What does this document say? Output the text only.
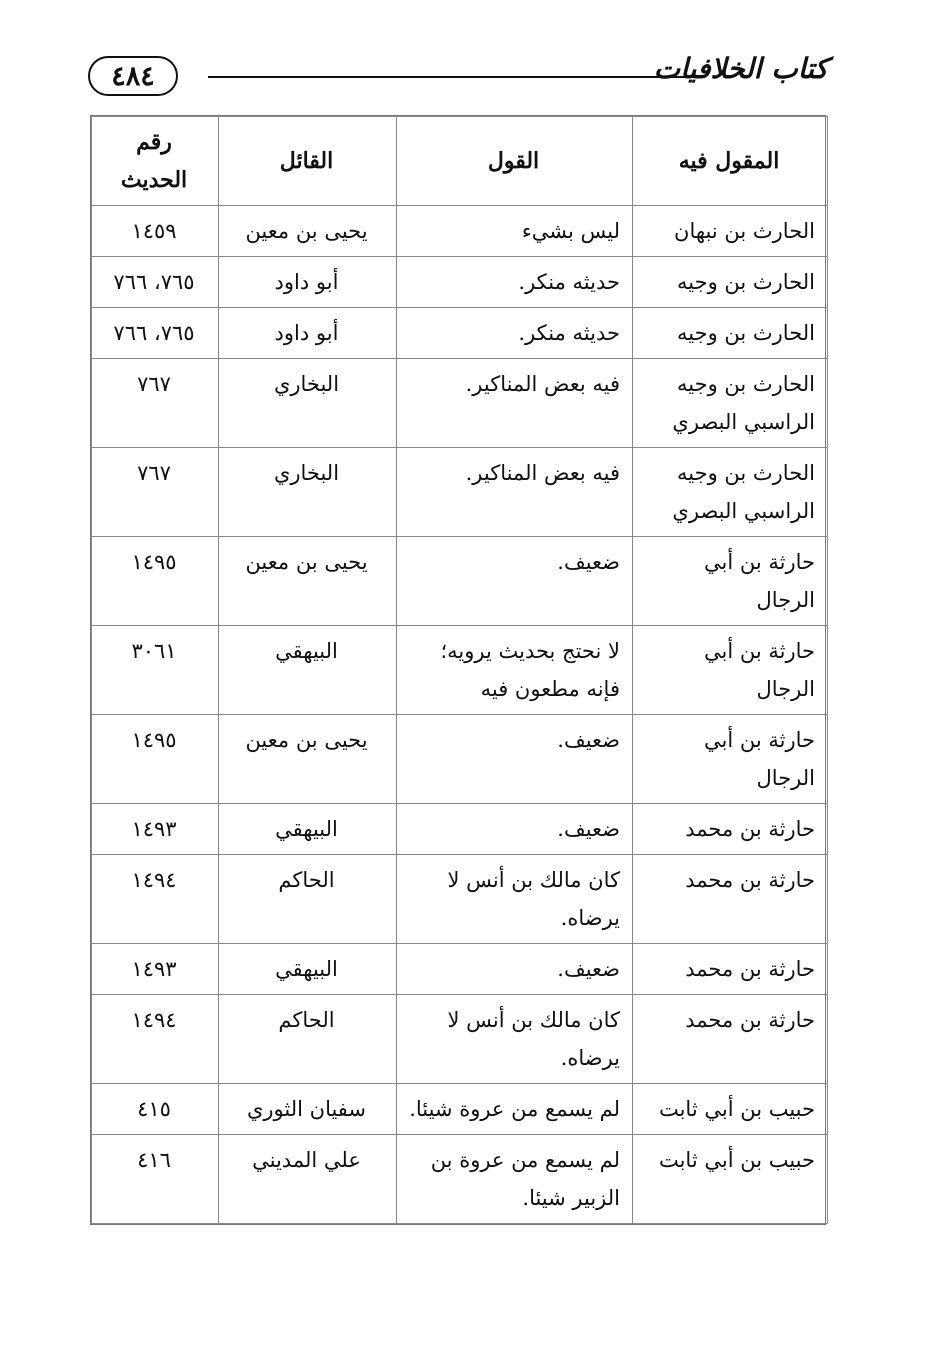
٤٨٤	كتاب الخلافيات
المقول فيه	القول	القائل	رقم الحديث
الحارث بن نبهان	ليس بشيء	يحيى بن معين	١٤٥٩
الحارث بن وجيه	حديثه منكر.	أبو داود	٧٦٥، ٧٦٦
الحارث بن وجيه	حديثه منكر.	أبو داود	٧٦٥، ٧٦٦
الحارث بن وجيه الراسبي البصري	فيه بعض المناكير.	البخاري	٧٦٧
الحارث بن وجيه الراسبي البصري	فيه بعض المناكير.	البخاري	٧٦٧
حارثة بن أبي الرجال	ضعيف.	يحيى بن معين	١٤٩٥
حارثة بن أبي الرجال	لا نحتج بحديث يرويه؛ فإنه مطعون فيه	البيهقي	٣٠٦١
حارثة بن أبي الرجال	ضعيف.	يحيى بن معين	١٤٩٥
حارثة بن محمد	ضعيف.	البيهقي	١٤٩٣
حارثة بن محمد	كان مالك بن أنس لا يرضاه.	الحاكم	١٤٩٤
حارثة بن محمد	ضعيف.	البيهقي	١٤٩٣
حارثة بن محمد	كان مالك بن أنس لا يرضاه.	الحاكم	١٤٩٤
حبيب بن أبي ثابت	لم يسمع من عروة شيئا.	سفيان الثوري	٤١٥
حبيب بن أبي ثابت	لم يسمع من عروة بن الزبير شيئا.	علي المديني	٤١٦
